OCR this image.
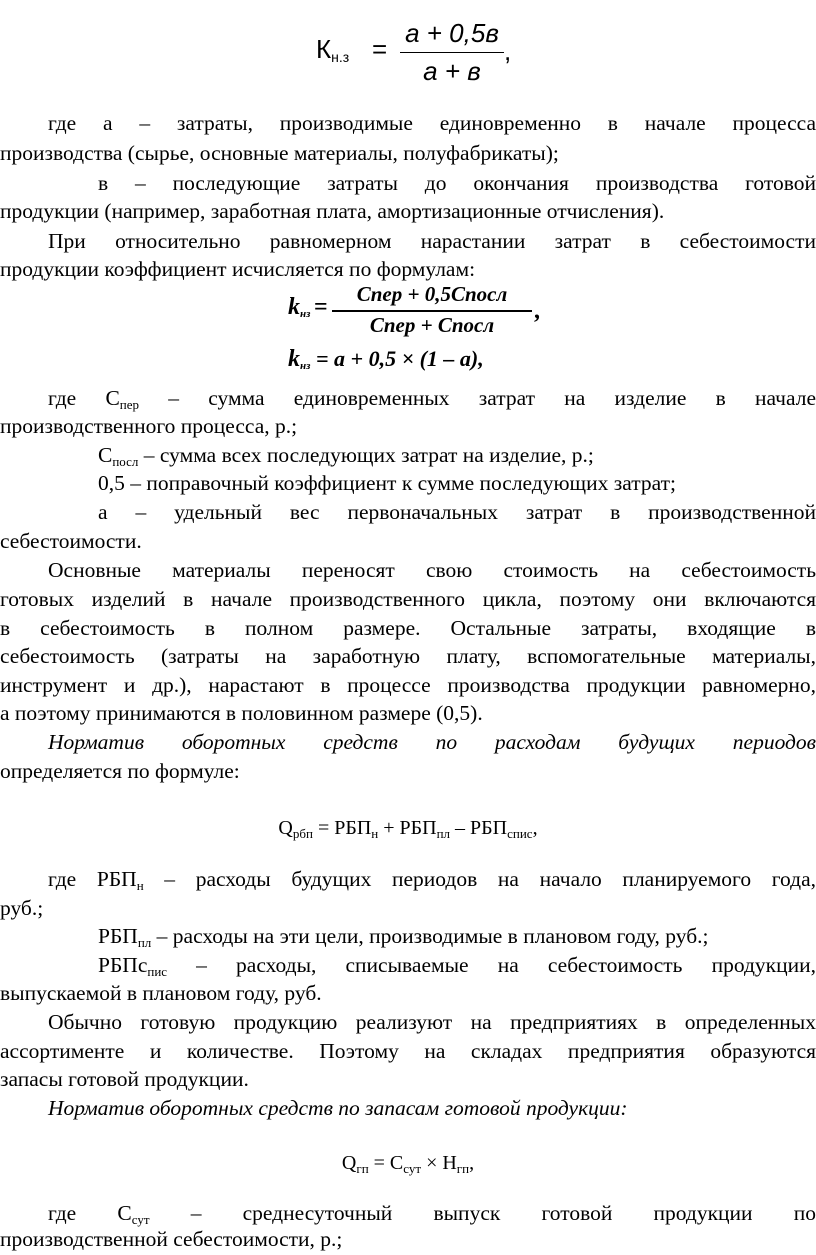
$К_{н.з}$ =
а + 0,5в
а + в
,
где а – затраты, производимые единовременно в начале процесса
производства (сырье, основные материалы, полуфабрикаты);
в – последующие затраты до окончания производства готовой
продукции (например, заработная плата, амортизационные отчисления).
При относительно равномерном нарастании затрат в себестоимости
продукции коэффициент исчисляется по формулам:
$k_{нз}$ =	Спер + 0,5Спосл
Спер + Спосл
,
$k_{нз} = а + 0,5 \times (1 - а)$,
где $С_{пер}$ – сумма единовременных затрат на изделие в начале
производственного процесса, р.;
$С_{посл}$ – сумма всех последующих затрат на изделие, р.;
0,5 – поправочный коэффициент к сумме последующих затрат;
а – удельный вес первоначальных затрат в производственной
себестоимости.
Основные материалы переносят свою стоимость на себестоимость
готовых изделий в начале производственного цикла, поэтому они включаются
в себестоимость в полном размере. Остальные затраты, входящие в
себестоимость (затраты на заработную плату, вспомогательные материалы,
инструмент и др.), нарастают в процессе производства продукции равномерно,
а поэтому принимаются в половинном размере (0,5).
Норматив оборотных средств по расходам будущих периодов
определяется по формуле:
$Q_{рбп} = РБП_н + РБП_{пл} - РБП_{спис}$,
где $РБП_н$ – расходы будущих периодов на начало планируемого года,
руб.;
$РБП_{пл}$ – расходы на эти цели, производимые в плановом году, руб.;
РБПс$_{пис}$ – расходы, списываемые на себестоимость продукции,
выпускаемой в плановом году, руб.
Обычно готовую продукцию реализуют на предприятиях в определенных
ассортименте и количестве. Поэтому на складах предприятия образуются
запасы готовой продукции.
Норматив оборотных средств по запасам готовой продукции:
$Q_{гп} = С_{сут} \times Н_{гп}$,
где $С_{сут}$ – среднесуточный выпуск готовой продукции по
производственной себестоимости, р.;
